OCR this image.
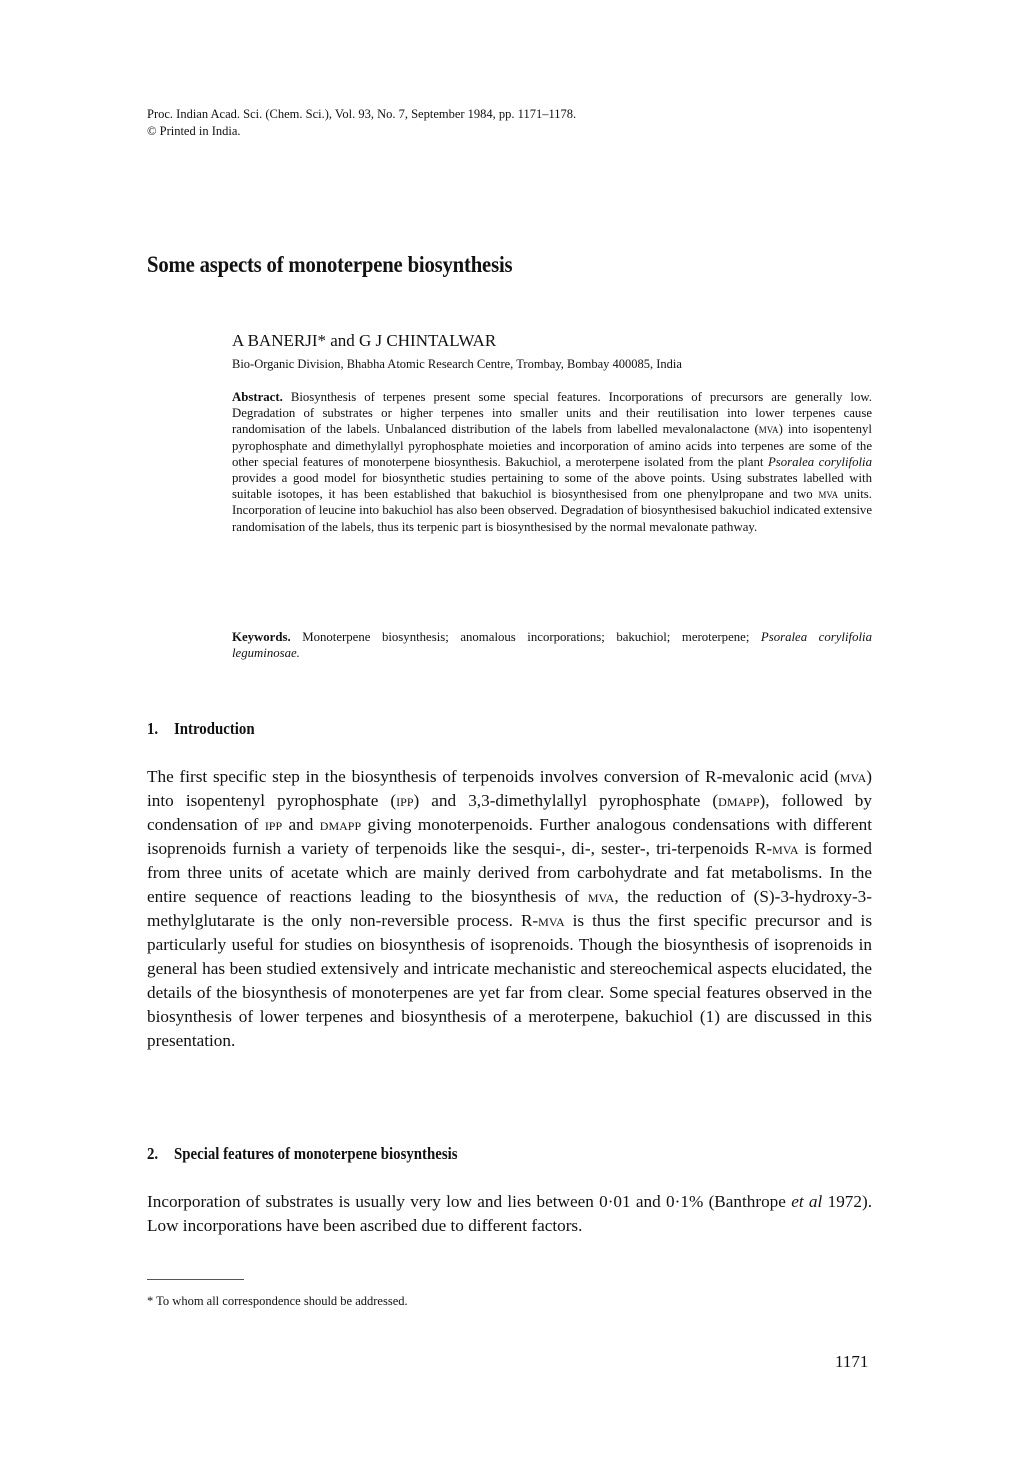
Proc. Indian Acad. Sci. (Chem. Sci.), Vol. 93, No. 7, September 1984, pp. 1171–1178.
© Printed in India.
Some aspects of monoterpene biosynthesis
A BANERJI* and G J CHINTALWAR
Bio-Organic Division, Bhabha Atomic Research Centre, Trombay, Bombay 400085, India

Abstract. Biosynthesis of terpenes present some special features. Incorporations of precursors are generally low. Degradation of substrates or higher terpenes into smaller units and their reutilisation into lower terpenes cause randomisation of the labels. Unbalanced distribution of the labels from labelled mevalonalactone (mva) into isopentenyl pyrophosphate and dimethylallyl pyrophosphate moieties and incorporation of amino acids into terpenes are some of the other special features of monoterpene biosynthesis. Bakuchiol, a meroterpene isolated from the plant Psoralea corylifolia provides a good model for biosynthetic studies pertaining to some of the above points. Using substrates labelled with suitable isotopes, it has been established that bakuchiol is biosynthesised from one phenylpropane and two mva units. Incorporation of leucine into bakuchiol has also been observed. Degradation of biosynthesised bakuchiol indicated extensive randomisation of the labels, thus its terpenic part is biosynthesised by the normal mevalonate pathway.

Keywords. Monoterpene biosynthesis; anomalous incorporations; bakuchiol; meroterpene; Psoralea corylifolia leguminosae.

1. Introduction

The first specific step in the biosynthesis of terpenoids involves conversion of R-mevalonic acid (mva) into isopentenyl pyrophosphate (ipp) and 3,3-dimethylallyl pyrophosphate (dmapp), followed by condensation of ipp and dmapp giving monoterpenoids. Further analogous condensations with different isoprenoids furnish a variety of terpenoids like the sesqui-, di-, sester-, tri-terpenoids R-mva is formed from three units of acetate which are mainly derived from carbohydrate and fat metabolisms. In the entire sequence of reactions leading to the biosynthesis of mva, the reduction of (S)-3-hydroxy-3-methylglutarate is the only non-reversible process. R-mva is thus the first specific precursor and is particularly useful for studies on biosynthesis of isoprenoids. Though the biosynthesis of isoprenoids in general has been studied extensively and intricate mechanistic and stereochemical aspects elucidated, the details of the biosynthesis of monoterpenes are yet far from clear. Some special features observed in the biosynthesis of lower terpenes and biosynthesis of a meroterpene, bakuchiol (1) are discussed in this presentation.

2. Special features of monoterpene biosynthesis

Incorporation of substrates is usually very low and lies between 0·01 and 0·1% (Banthrope et al 1972). Low incorporations have been ascribed due to different factors.

* To whom all correspondence should be addressed.
1171
